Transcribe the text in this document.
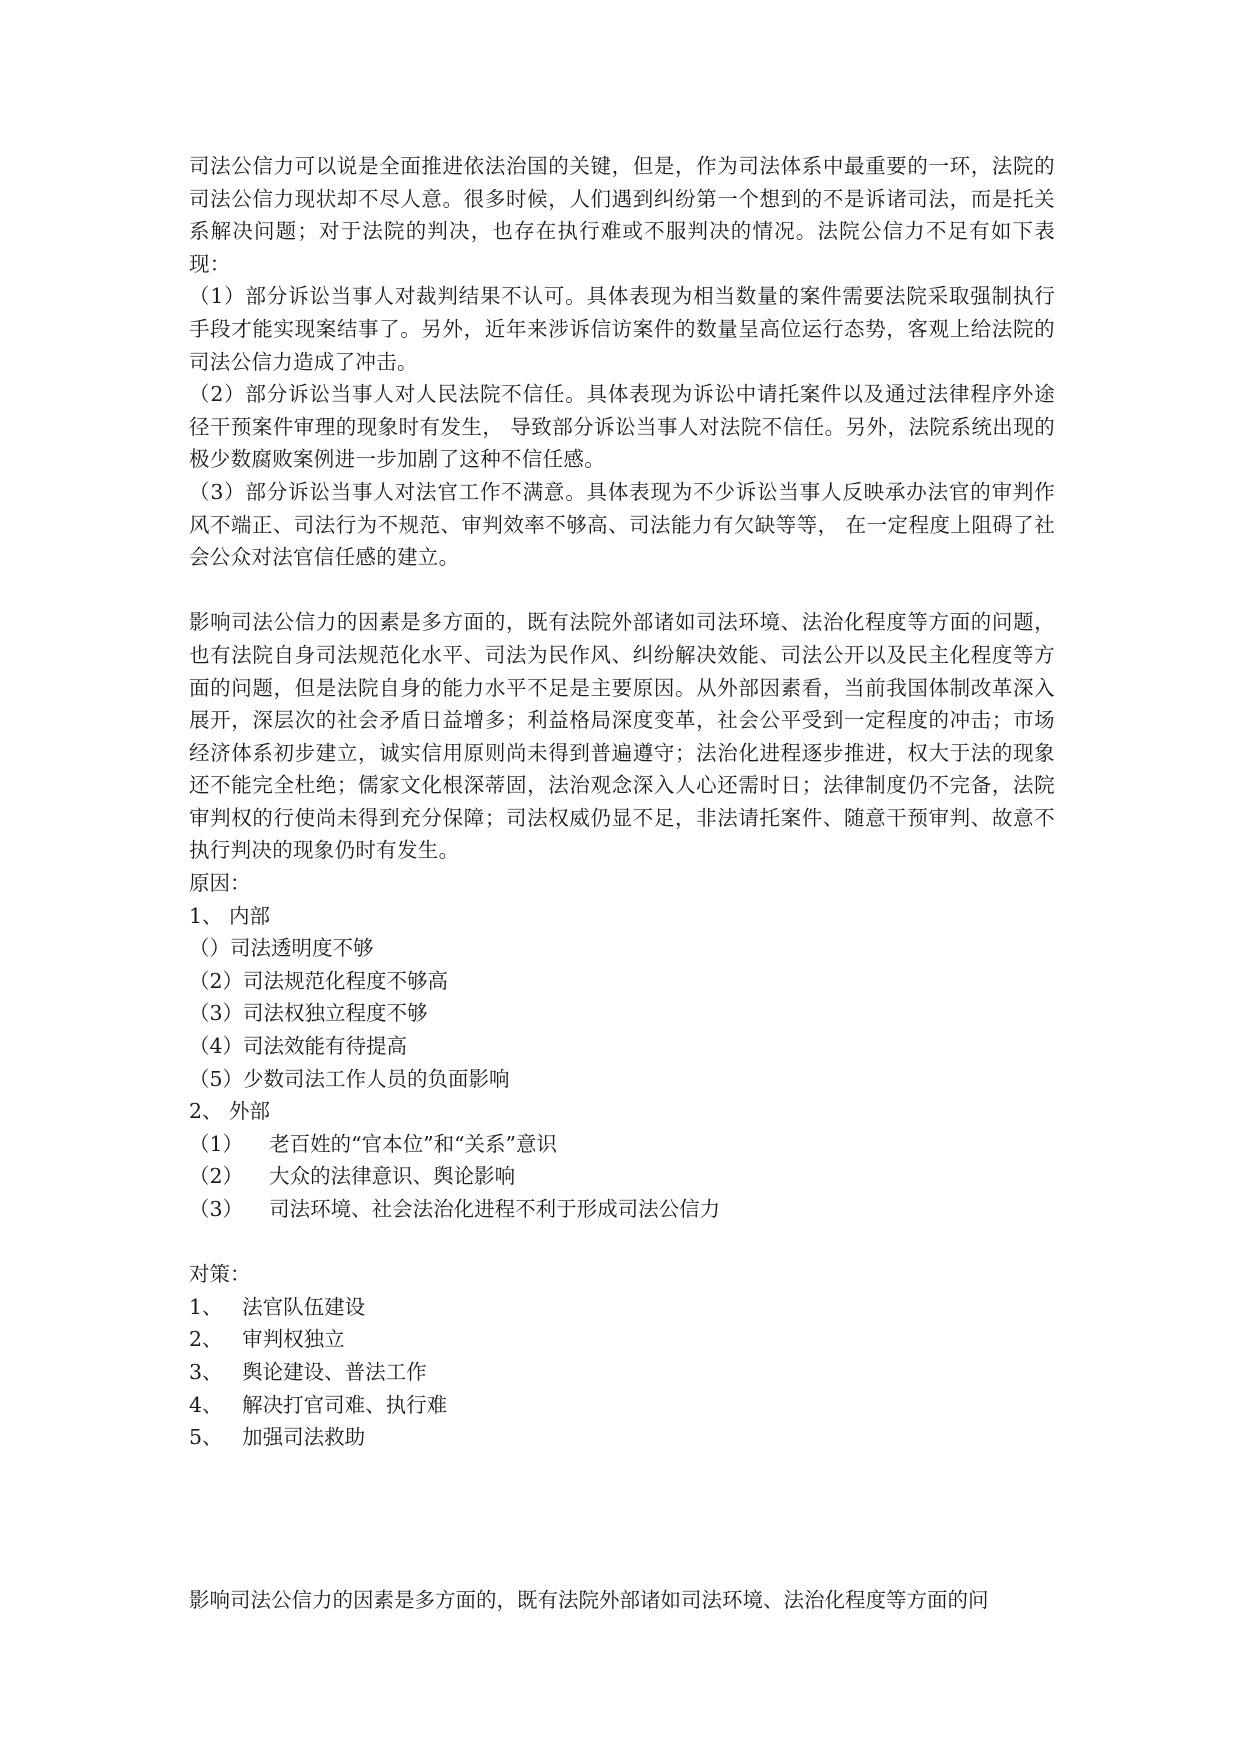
司法公信力可以说是全面推进依法治国的关键，但是，作为司法体系中最重要的一环，法院的司法公信力现状却不尽人意。很多时候，人们遇到纠纷第一个想到的不是诉诸司法，而是托关系解决问题；对于法院的判决，也存在执行难或不服判决的情况。法院公信力不足有如下表现：

（1）部分诉讼当事人对裁判结果不认可。具体表现为相当数量的案件需要法院采取强制执行手段才能实现案结事了。另外，近年来涉诉信访案件的数量呈高位运行态势，客观上给法院的司法公信力造成了冲击。

（2）部分诉讼当事人对人民法院不信任。具体表现为诉讼中请托案件以及通过法律程序外途径干预案件审理的现象时有发生， 导致部分诉讼当事人对法院不信任。另外，法院系统出现的极少数腐败案例进一步加剧了这种不信任感。

（3）部分诉讼当事人对法官工作不满意。具体表现为不少诉讼当事人反映承办法官的审判作风不端正、司法行为不规范、审判效率不够高、司法能力有欠缺等等， 在一定程度上阻碍了社会公众对法官信任感的建立。

影响司法公信力的因素是多方面的，既有法院外部诸如司法环境、法治化程度等方面的问题，也有法院自身司法规范化水平、司法为民作风、纠纷解决效能、司法公开以及民主化程度等方面的问题，但是法院自身的能力水平不足是主要原因。从外部因素看，当前我国体制改革深入展开，深层次的社会矛盾日益增多；利益格局深度变革，社会公平受到一定程度的冲击；市场经济体系初步建立，诚实信用原则尚未得到普遍遵守；法治化进程逐步推进，权大于法的现象还不能完全杜绝；儒家文化根深蒂固，法治观念深入人心还需时日；法律制度仍不完备，法院审判权的行使尚未得到充分保障；司法权威仍显不足，非法请托案件、随意干预审判、故意不执行判决的现象仍时有发生。

原因：

1、 内部

（）司法透明度不够
（2）司法规范化程度不够高
（3）司法权独立程度不够
（4）司法效能有待提高
（5）少数司法工作人员的负面影响

2、 外部

（1）    老百姓的“官本位”和“关系”意识
（2）    大众的法律意识、舆论影响
（3）    司法环境、社会法治化进程不利于形成司法公信力

对策：

1、   法官队伍建设
2、   审判权独立
3、   舆论建设、普法工作
4、   解决打官司难、执行难
5、   加强司法救助

影响司法公信力的因素是多方面的，既有法院外部诸如司法环境、法治化程度等方面的问
